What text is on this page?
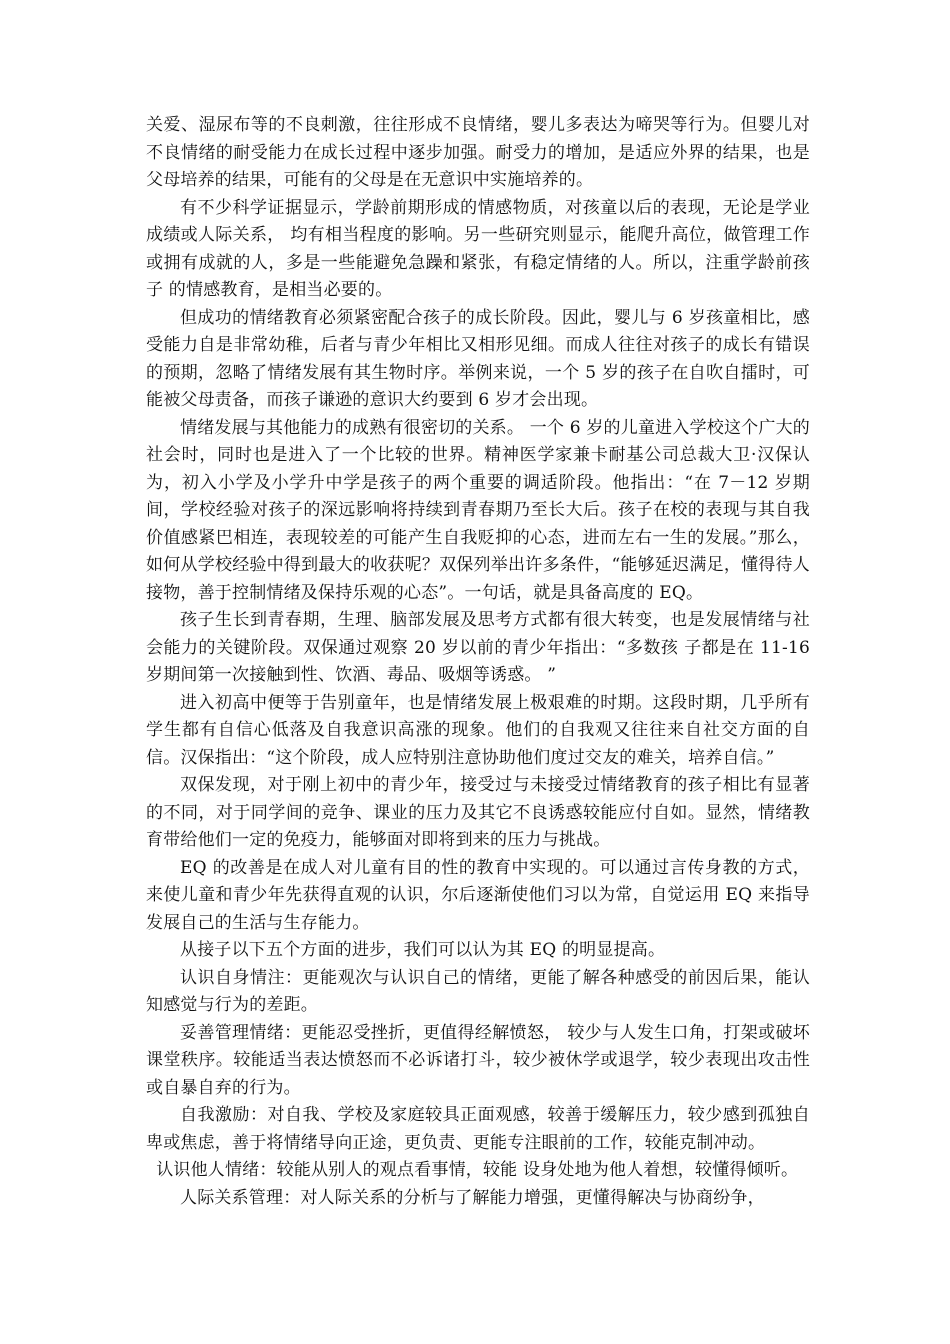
关爱、湿尿布等的不良刺激，往往形成不良情绪，婴儿多表达为啼哭等行为。但婴儿对不良情绪的耐受能力在成长过程中逐步加强。耐受力的增加，是适应外界的结果，也是父母培养的结果，可能有的父母是在无意识中实施培养的。

有不少科学证据显示，学龄前期形成的情感物质，对孩童以后的表现，无论是学业成绩或人际关系， 均有相当程度的影响。另一些研究则显示，能爬升高位，做管理工作或拥有成就的人，多是一些能避免急躁和紧张，有稳定情绪的人。所以，注重学龄前孩子 的情感教育，是相当必要的。

但成功的情绪教育必须紧密配合孩子的成长阶段。因此，婴儿与 6 岁孩童相比，感受能力自是非常幼稚，后者与青少年相比又相形见细。而成人往往对孩子的成长有错误的预期，忽略了情绪发展有其生物时序。举例来说，一个 5 岁的孩子在自吹自擂时，可能被父母责备，而孩子谦逊的意识大约要到 6 岁才会出现。

情绪发展与其他能力的成熟有很密切的关系。 一个 6 岁的儿童进入学校这个广大的社会时，同时也是进入了一个比较的世界。精神医学家兼卡耐基公司总裁大卫·汉保认为，初入小学及小学升中学是孩子的两个重要的调适阶段。他指出：“在 7－12 岁期间，学校经验对孩子的深远影响将持续到青春期乃至长大后。孩子在校的表现与其自我价值感紧巴相连，表现较差的可能产生自我贬抑的心态，进而左右一生的发展。”那么，如何从学校经验中得到最大的收获呢？双保列举出许多条件，“能够延迟满足，懂得待人接物，善于控制情绪及保持乐观的心态”。一句话，就是具备高度的 EQ。

孩子生长到青春期，生理、脑部发展及思考方式都有很大转变，也是发展情绪与社会能力的关键阶段。双保通过观察 20 岁以前的青少年指出：“多数孩 子都是在 11-16 岁期间第一次接触到性、饮酒、毒品、吸烟等诱惑。 ”

进入初高中便等于告别童年，也是情绪发展上极艰难的时期。这段时期，几乎所有学生都有自信心低落及自我意识高涨的现象。他们的自我观又往往来自社交方面的自信。汉保指出：“这个阶段，成人应特别注意协助他们度过交友的难关，培养自信。”

双保发现，对于刚上初中的青少年，接受过与未接受过情绪教育的孩子相比有显著的不同，对于同学间的竞争、课业的压力及其它不良诱惑较能应付自如。显然，情绪教育带给他们一定的免疫力，能够面对即将到来的压力与挑战。

EQ 的改善是在成人对儿童有目的性的教育中实现的。可以通过言传身教的方式，来使儿童和青少年先获得直观的认识，尔后逐渐使他们习以为常，自觉运用 EQ 来指导发展自己的生活与生存能力。

从接子以下五个方面的进步，我们可以认为其 EQ 的明显提高。

认识自身情注：更能观次与认识自己的情绪，更能了解各种感受的前因后果，能认知感觉与行为的差距。

妥善管理情绪：更能忍受挫折，更值得经解愤怒， 较少与人发生口角，打架或破坏课堂秩序。较能适当表达愤怒而不必诉诸打斗，较少被休学或退学，较少表现出攻击性或自暴自弃的行为。

自我激励：对自我、学校及家庭较具正面观感，较善于缓解压力，较少感到孤独自卑或焦虑，善于将情绪导向正途，更负责、更能专注眼前的工作，较能克制冲动。

认识他人情绪：较能从别人的观点看事情，较能 设身处地为他人着想，较懂得倾听。

人际关系管理：对人际关系的分析与了解能力增强，更懂得解决与协商纷争，
